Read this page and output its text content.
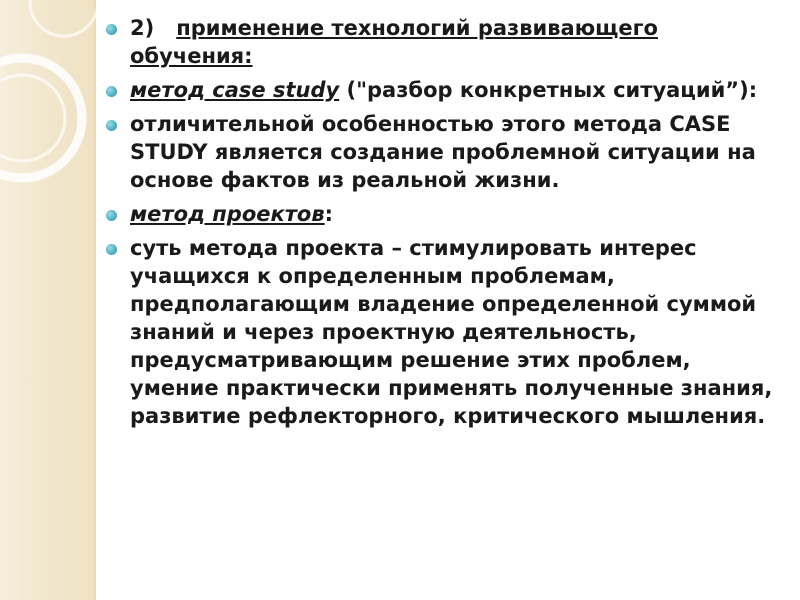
2) применение технологий развивающего обучения:
метод case study ("разбор конкретных ситуаций”):
отличительной особенностью этого метода CASE STUDY является создание проблемной ситуации на основе фактов из реальной жизни.
метод проектов:
суть метода проекта – стимулировать интерес учащихся к определенным проблемам, предполагающим владение определенной суммой знаний и через проектную деятельность, предусматривающим решение этих проблем, умение практически применять полученные знания, развитие рефлекторного, критического мышления.
